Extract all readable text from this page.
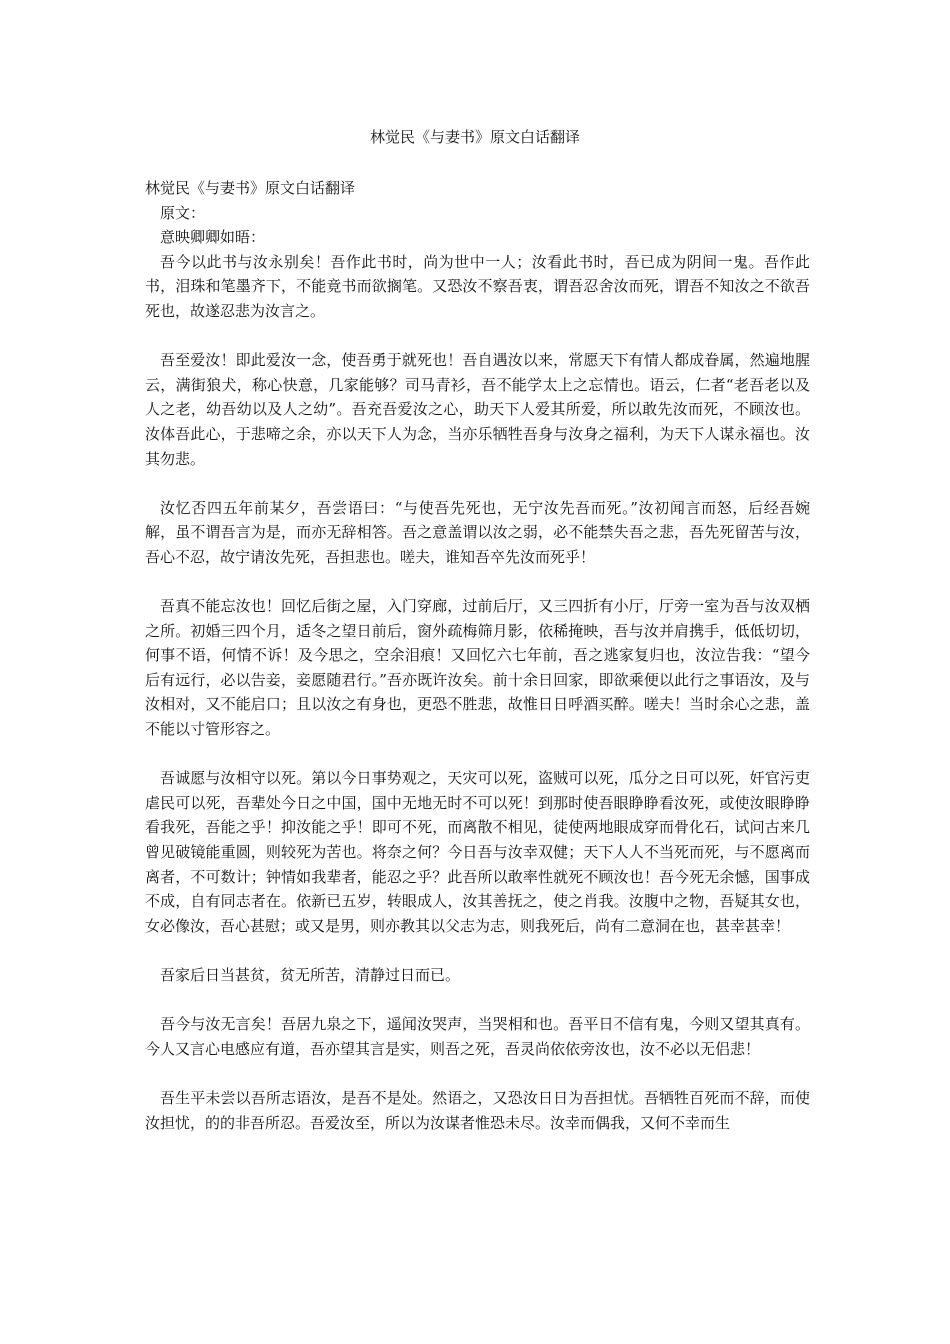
林觉民《与妻书》原文白话翻译
林觉民《与妻书》原文白话翻译
原文：
意映卿卿如晤：

吾今以此书与汝永别矣！吾作此书时，尚为世中一人；汝看此书时，吾已成为阴间一鬼。吾作此书，泪珠和笔墨齐下，不能竟书而欲搁笔。又恐汝不察吾衷，谓吾忍舍汝而死，谓吾不知汝之不欲吾死也，故遂忍悲为汝言之。

吾至爱汝！即此爱汝一念，使吾勇于就死也！吾自遇汝以来，常愿天下有情人都成眷属，然遍地腥云，满街狼犬，称心快意，几家能够？司马青衫，吾不能学太上之忘情也。语云，仁者“老吾老以及人之老，幼吾幼以及人之幼”。吾充吾爱汝之心，助天下人爱其所爱，所以敢先汝而死，不顾汝也。汝体吾此心，于悲啼之余，亦以天下人为念，当亦乐牺牲吾身与汝身之福利，为天下人谋永福也。汝其勿悲。

汝忆否四五年前某夕，吾尝语曰：“与使吾先死也，无宁汝先吾而死。”汝初闻言而怒，后经吾婉解，虽不谓吾言为是，而亦无辞相答。吾之意盖谓以汝之弱，必不能禁失吾之悲，吾先死留苦与汝，吾心不忍，故宁请汝先死，吾担悲也。嗟夫，谁知吾卒先汝而死乎！

吾真不能忘汝也！回忆后街之屋，入门穿廊，过前后厅，又三四折有小厅，厅旁一室为吾与汝双栖之所。初婚三四个月，适冬之望日前后，窗外疏梅筛月影，依稀掩映，吾与汝并肩携手，低低切切，何事不语，何情不诉！及今思之，空余泪痕！又回忆六七年前，吾之逃家复归也，汝泣告我：“望今后有远行，必以告妾，妾愿随君行。”吾亦既许汝矣。前十余日回家，即欲乘便以此行之事语汝，及与汝相对，又不能启口；且以汝之有身也，更恐不胜悲，故惟日日呼酒买醉。嗟夫！当时余心之悲，盖不能以寸管形容之。

吾诚愿与汝相守以死。第以今日事势观之，天灾可以死，盗贼可以死，瓜分之日可以死，奸官污吏虐民可以死，吾辈处今日之中国，国中无地无时不可以死！到那时使吾眼睁睁看汝死，或使汝眼睁睁看我死，吾能之乎！抑汝能之乎！即可不死，而离散不相见，徒使两地眼成穿而骨化石，试问古来几曾见破镜能重圆，则较死为苦也。将奈之何？今日吾与汝幸双健；天下人人不当死而死，与不愿离而离者，不可数计；钟情如我辈者，能忍之乎？此吾所以敢率性就死不顾汝也！吾今死无余憾，国事成不成，自有同志者在。依新已五岁，转眼成人，汝其善抚之，使之肖我。汝腹中之物，吾疑其女也，女必像汝，吾心甚慰；或又是男，则亦教其以父志为志，则我死后，尚有二意洞在也，甚幸甚幸！

吾家后日当甚贫，贫无所苦，清静过日而已。

吾今与汝无言矣！吾居九泉之下，遥闻汝哭声，当哭相和也。吾平日不信有鬼，今则又望其真有。今人又言心电感应有道，吾亦望其言是实，则吾之死，吾灵尚依依旁汝也，汝不必以无侣悲！

吾生平未尝以吾所志语汝，是吾不是处。然语之，又恐汝日日为吾担忧。吾牺牲百死而不辞，而使汝担忧，的的非吾所忍。吾爱汝至，所以为汝谋者惟恐未尽。汝幸而偶我，又何不幸而生
